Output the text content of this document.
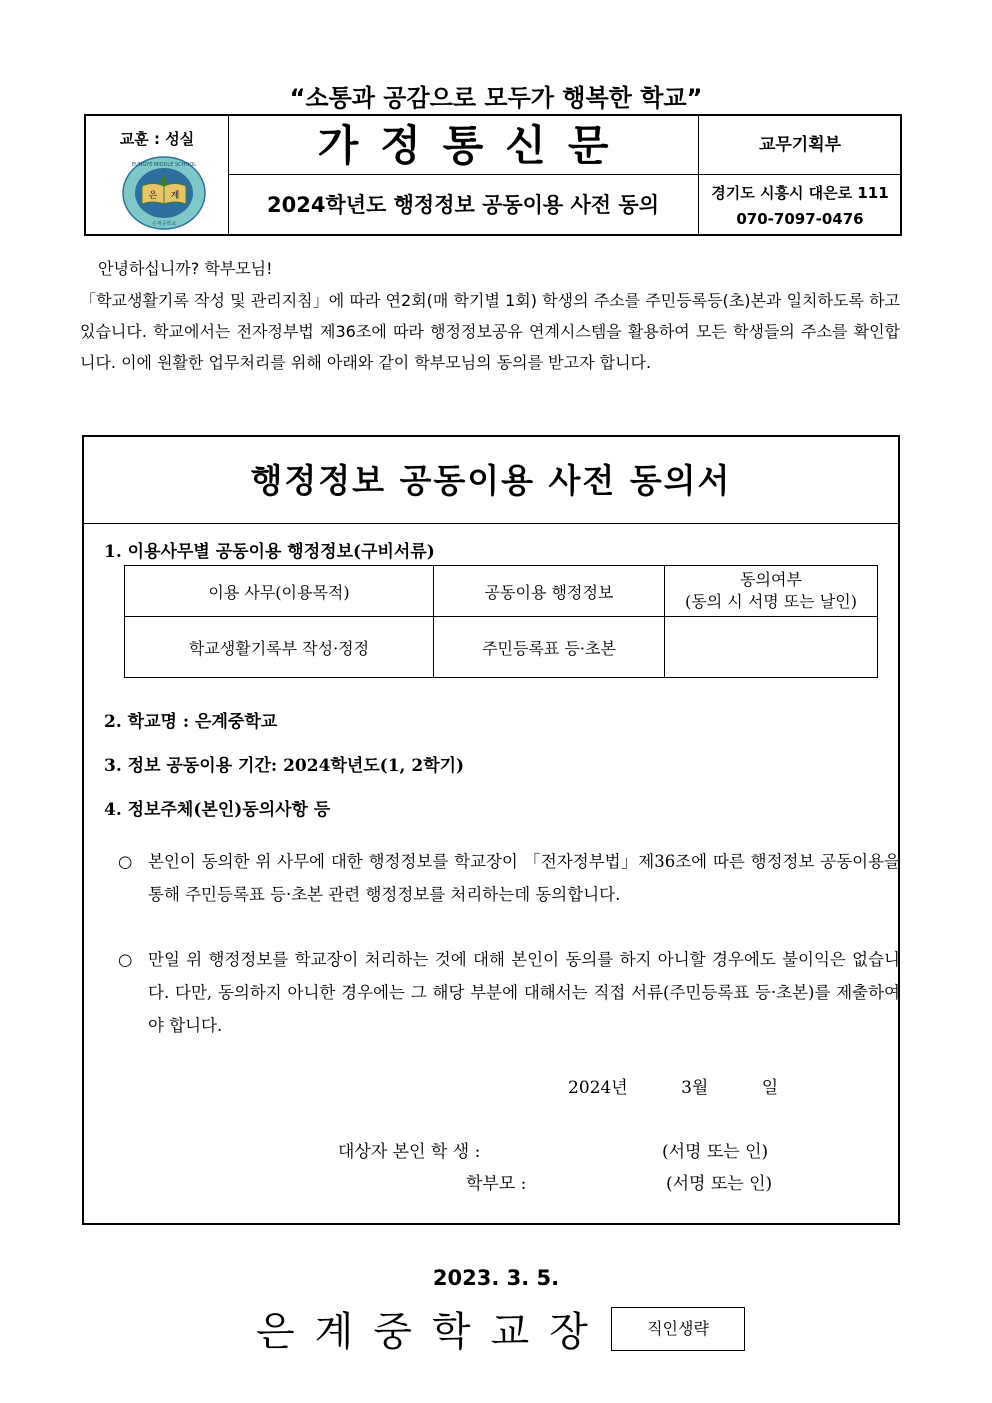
“소통과 공감으로 모두가 행복한 학교”
교훈 : 성실
은 계
EUNGYE MIDDLE SCHOOL
은계중학교
가정통신문
2024학년도 행정정보 공동이용 사전 동의
교무기획부
경기도 시흥시 대은로 111
070-7097-0476
안녕하십니까? 학부모님!
「학교생활기록 작성 및 관리지침」에 따라 연2회(매 학기별 1회) 학생의 주소를 주민등록등(초)본과 일치하도록 하고 있습니다. 학교에서는 전자정부법 제36조에 따라 행정정보공유 연계시스템을 활용하여 모든 학생들의 주소를 확인합니다. 이에 원활한 업무처리를 위해 아래와 같이 학부모님의 동의를 받고자 합니다.
행정정보 공동이용 사전 동의서
1. 이용사무별 공동이용 행정정보(구비서류)
이용 사무(이용목적)	공동이용 행정정보	동의여부
(동의 시 서명 또는 날인)

학교생활기록부 작성·정정	주민등록표 등·초본	
2. 학교명 : 은계중학교
3. 정보 공동이용 기간: 2024학년도(1, 2학기)
4. 정보주체(본인)동의사항 등
○ 본인이 동의한 위 사무에 대한 행정정보를 학교장이 「전자정부법」제36조에 따른 행정정보 공동이용을 통해 주민등록표 등·초본 관련 행정정보를 처리하는데 동의합니다.
○ 만일 위 행정정보를 학교장이 처리하는 것에 대해 본인이 동의를 하지 아니할 경우에도 불이익은 없습니다. 다만, 동의하지 아니한 경우에는 그 해당 부분에 대해서는 직접 서류(주민등록표 등·초본)를 제출하여야 합니다.
2024년	3월	일
대상자 본인 학 생 :	(서명 또는 인)
학부모 :	(서명 또는 인)
2023. 3. 5.
은계중학교장	직인생략
